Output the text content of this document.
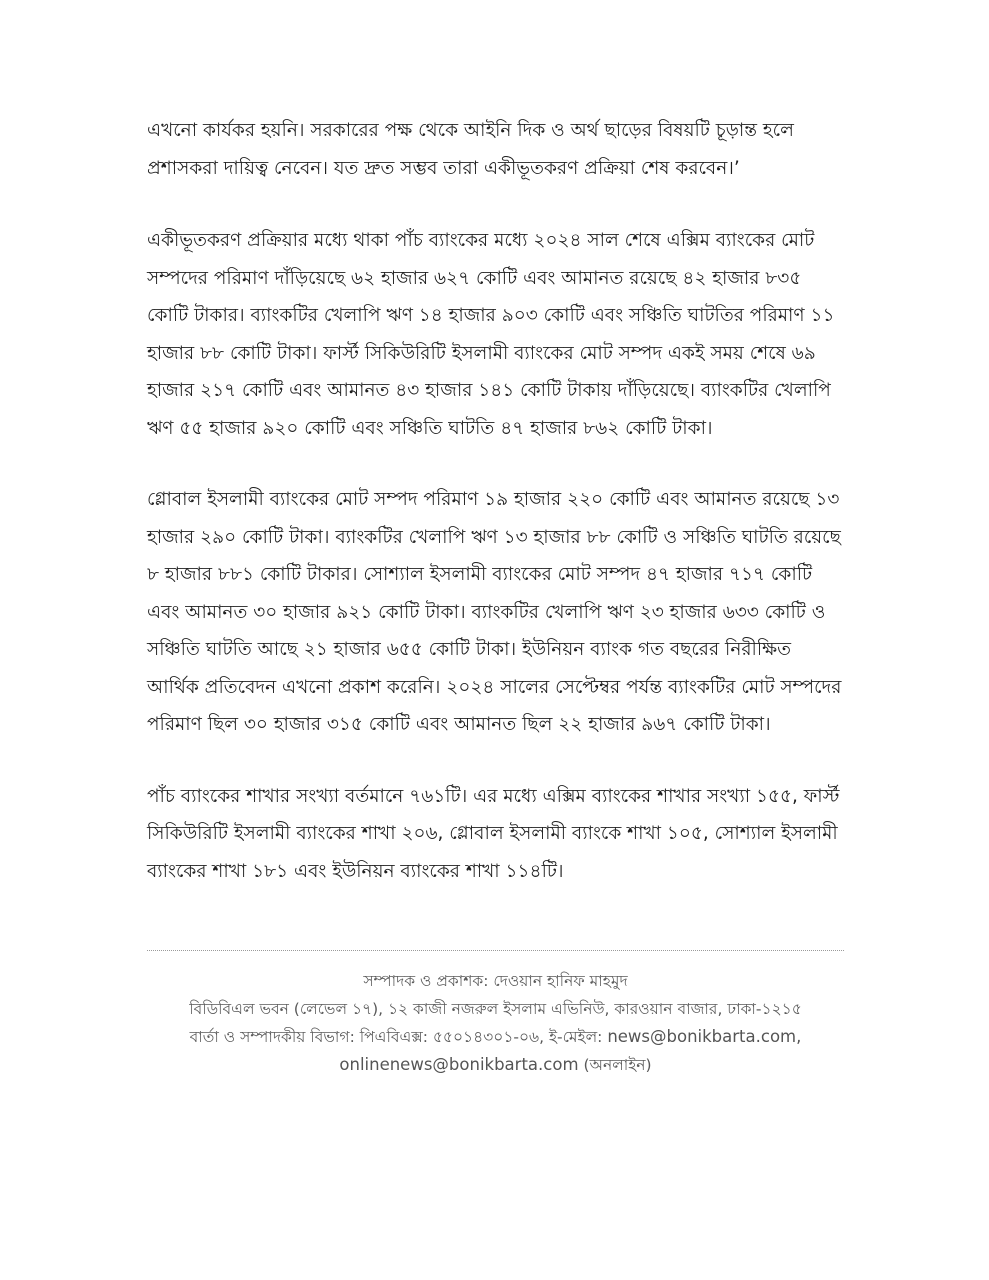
এখনো কার্যকর হয়নি। সরকারের পক্ষ থেকে আইনি দিক ও অর্থ ছাড়ের বিষয়টি চূড়ান্ত হলে প্রশাসকরা দায়িত্ব নেবেন। যত দ্রুত সম্ভব তারা একীভূতকরণ প্রক্রিয়া শেষ করবেন।’

একীভূতকরণ প্রক্রিয়ার মধ্যে থাকা পাঁচ ব্যাংকের মধ্যে ২০২৪ সাল শেষে এক্সিম ব্যাংকের মোট সম্পদের পরিমাণ দাঁড়িয়েছে ৬২ হাজার ৬২৭ কোটি এবং আমানত রয়েছে ৪২ হাজার ৮৩৫ কোটি টাকার। ব্যাংকটির খেলাপি ঋণ ১৪ হাজার ৯০৩ কোটি এবং সঞ্চিতি ঘাটতির পরিমাণ ১১ হাজার ৮৮ কোটি টাকা। ফার্স্ট সিকিউরিটি ইসলামী ব্যাংকের মোট সম্পদ একই সময় শেষে ৬৯ হাজার ২১৭ কোটি এবং আমানত ৪৩ হাজার ১৪১ কোটি টাকায় দাঁড়িয়েছে। ব্যাংকটির খেলাপি ঋণ ৫৫ হাজার ৯২০ কোটি এবং সঞ্চিতি ঘাটতি ৪৭ হাজার ৮৬২ কোটি টাকা।

গ্লোবাল ইসলামী ব্যাংকের মোট সম্পদ পরিমাণ ১৯ হাজার ২২০ কোটি এবং আমানত রয়েছে ১৩ হাজার ২৯০ কোটি টাকা। ব্যাংকটির খেলাপি ঋণ ১৩ হাজার ৮৮ কোটি ও সঞ্চিতি ঘাটতি রয়েছে ৮ হাজার ৮৮১ কোটি টাকার। সোশ্যাল ইসলামী ব্যাংকের মোট সম্পদ ৪৭ হাজার ৭১৭ কোটি এবং আমানত ৩০ হাজার ৯২১ কোটি টাকা। ব্যাংকটির খেলাপি ঋণ ২৩ হাজার ৬৩৩ কোটি ও সঞ্চিতি ঘাটতি আছে ২১ হাজার ৬৫৫ কোটি টাকা। ইউনিয়ন ব্যাংক গত বছরের নিরীক্ষিত আর্থিক প্রতিবেদন এখনো প্রকাশ করেনি। ২০২৪ সালের সেপ্টেম্বর পর্যন্ত ব্যাংকটির মোট সম্পদের পরিমাণ ছিল ৩০ হাজার ৩১৫ কোটি এবং আমানত ছিল ২২ হাজার ৯৬৭ কোটি টাকা।

পাঁচ ব্যাংকের শাখার সংখ্যা বর্তমানে ৭৬১টি। এর মধ্যে এক্সিম ব্যাংকের শাখার সংখ্যা ১৫৫, ফার্স্ট সিকিউরিটি ইসলামী ব্যাংকের শাখা ২০৬, গ্লোবাল ইসলামী ব্যাংকে শাখা ১০৫, সোশ্যাল ইসলামী ব্যাংকের শাখা ১৮১ এবং ইউনিয়ন ব্যাংকের শাখা ১১৪টি।

সম্পাদক ও প্রকাশক: দেওয়ান হানিফ মাহমুদ
বিডিবিএল ভবন (লেভেল ১৭), ১২ কাজী নজরুল ইসলাম এভিনিউ, কারওয়ান বাজার, ঢাকা-১২১৫
বার্তা ও সম্পাদকীয় বিভাগ: পিএবিএক্স: ৫৫০১৪৩০১-০৬, ই-মেইল: news@bonikbarta.com,
onlinenews@bonikbarta.com (অনলাইন)
